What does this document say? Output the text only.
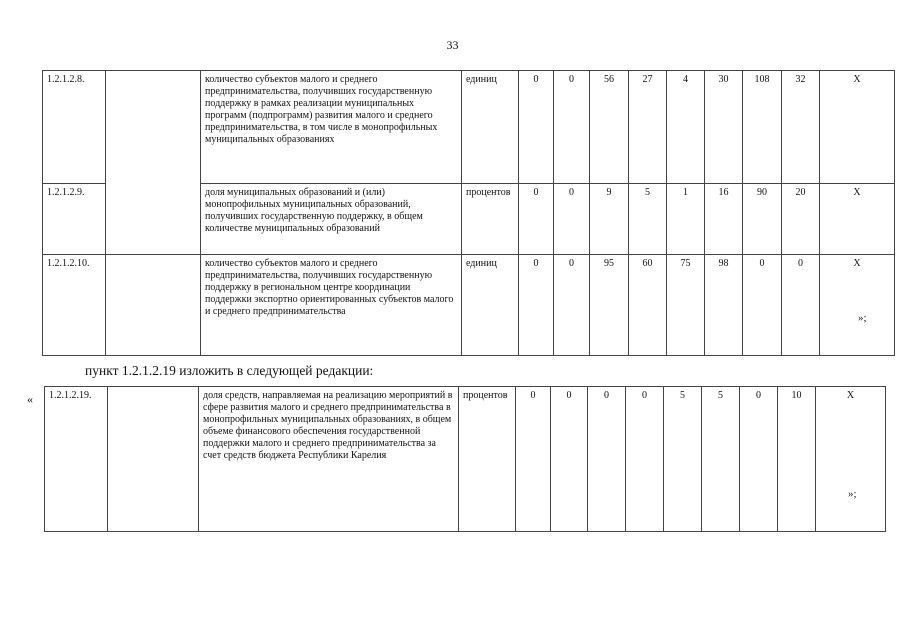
33
1.2.1.2.8.		количество субъектов малого и среднего предпринимательства, получивших государственную поддержку в рамках реализации муниципальных программ (подпрограмм) развития малого и среднего предпринимательства, в том числе в монопрофильных муниципальных образованиях	единиц	0	0	56	27	4	30	108	32	X
1.2.1.2.9.		доля муниципальных образований и (или) монопрофильных муниципальных образований, получивших государственную поддержку, в общем количестве муниципальных образований	процентов	0	0	9	5	1	16	90	20	X
1.2.1.2.10.		количество субъектов малого и среднего предпринимательства, получивших государственную поддержку в региональном центре координации поддержки экспортно ориентированных субъектов малого и среднего предпринимательства	единиц	0	0	95	60	75	98	0	0	X
»;
пункт 1.2.1.2.19 изложить в следующей редакции:
« 1.2.1.2.19.		доля средств, направляемая на реализацию мероприятий в сфере развития малого и среднего предпринимательства в монопрофильных муниципальных образованиях, в общем объеме финансового обеспечения государственной поддержки малого и среднего предпринимательства за счет средств бюджета Республики Карелия	процентов	0	0	0	0	5	5	0	10	X
»;
